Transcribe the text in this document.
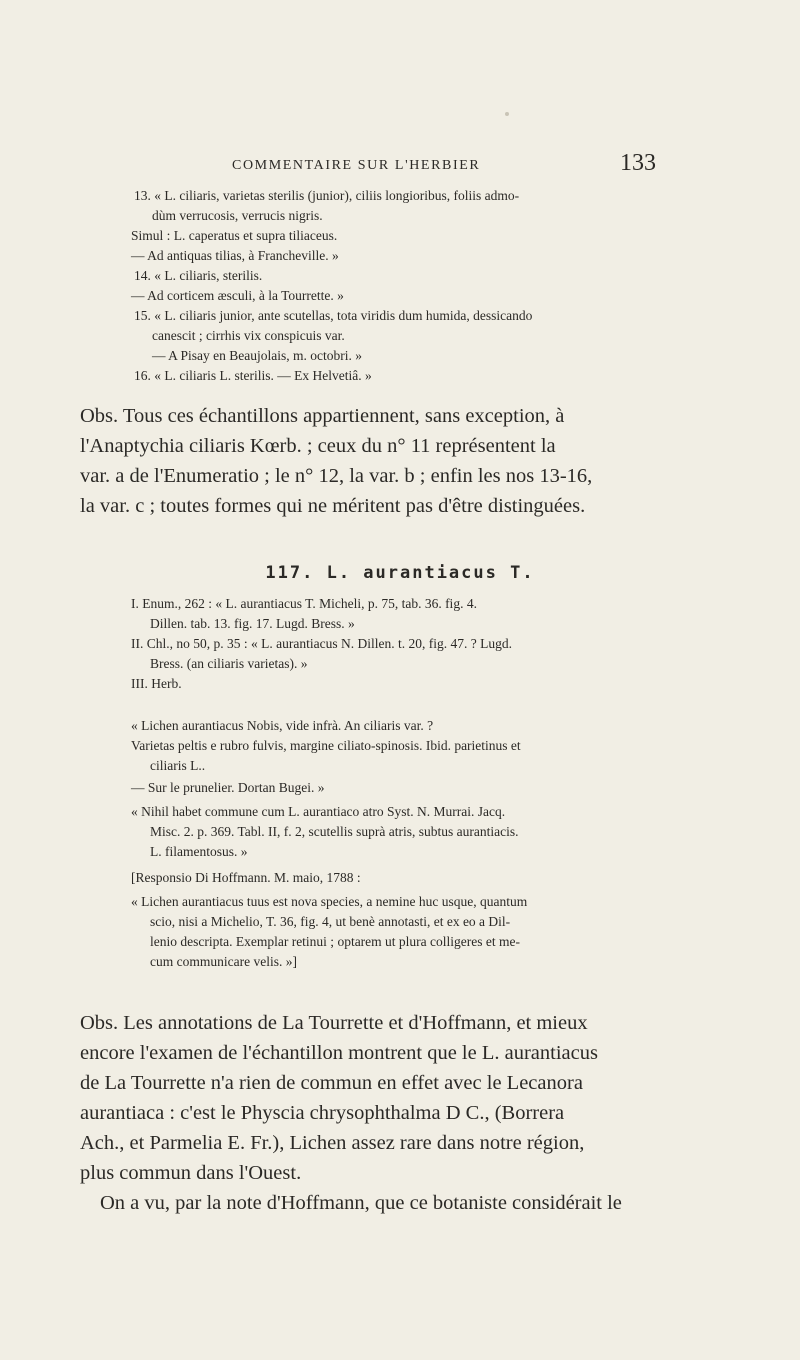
COMMENTAIRE SUR L'HERBIER	133

13. « L. ciliaris, varietas sterilis (junior), ciliis longioribus, foliis admo-

dùm verrucosis, verrucis nigris.

Simul : L. caperatus et supra tiliaceus.

— Ad antiquas tilias, à Francheville. »

14. « L. ciliaris, sterilis.

— Ad corticem æsculi, à la Tourrette. »

15. « L. ciliaris junior, ante scutellas, tota viridis dum humida, dessicando

canescit ; cirrhis vix conspicuis var.

— A Pisay en Beaujolais, m. octobri. »

16. « L. ciliaris L. sterilis. — Ex Helvetiâ. »

Obs. Tous ces échantillons appartiennent, sans exception, à

l'Anaptychia ciliaris Kœrb. ; ceux du n° 11 représentent la

var. a de l'Enumeratio ; le n° 12, la var. b ; enfin les nos 13-16,

la var. c ; toutes formes qui ne méritent pas d'être distinguées.

117. L. aurantiacus T.

I. Enum., 262 : « L. aurantiacus T. Micheli, p. 75, tab. 36. fig. 4.

Dillen. tab. 13. fig. 17. Lugd. Bress. »

II. Chl., no 50, p. 35 : « L. aurantiacus N. Dillen. t. 20, fig. 47. ? Lugd.

Bress. (an ciliaris varietas). »

III. Herb.

« Lichen aurantiacus Nobis, vide infrà. An ciliaris var. ?

Varietas peltis e rubro fulvis, margine ciliato-spinosis. Ibid. parietinus et

ciliaris L..

— Sur le prunelier. Dortan Bugei. »

« Nihil habet commune cum L. aurantiaco atro Syst. N. Murrai. Jacq.

Misc. 2. p. 369. Tabl. II, f. 2, scutellis suprà atris, subtus aurantiacis.

L. filamentosus. »

[Responsio Di Hoffmann. M. maio, 1788 :

« Lichen aurantiacus tuus est nova species, a nemine huc usque, quantum

scio, nisi a Michelio, T. 36, fig. 4, ut benè annotasti, et ex eo a Dil-

lenio descripta. Exemplar retinui ; optarem ut plura colligeres et me-

cum communicare velis. »]

Obs. Les annotations de La Tourrette et d'Hoffmann, et mieux

encore l'examen de l'échantillon montrent que le L. aurantiacus

de La Tourrette n'a rien de commun en effet avec le Lecanora

aurantiaca : c'est le Physcia chrysophthalma D C., (Borrera

Ach., et Parmelia E. Fr.), Lichen assez rare dans notre région,

plus commun dans l'Ouest.

On a vu, par la note d'Hoffmann, que ce botaniste considérait le
